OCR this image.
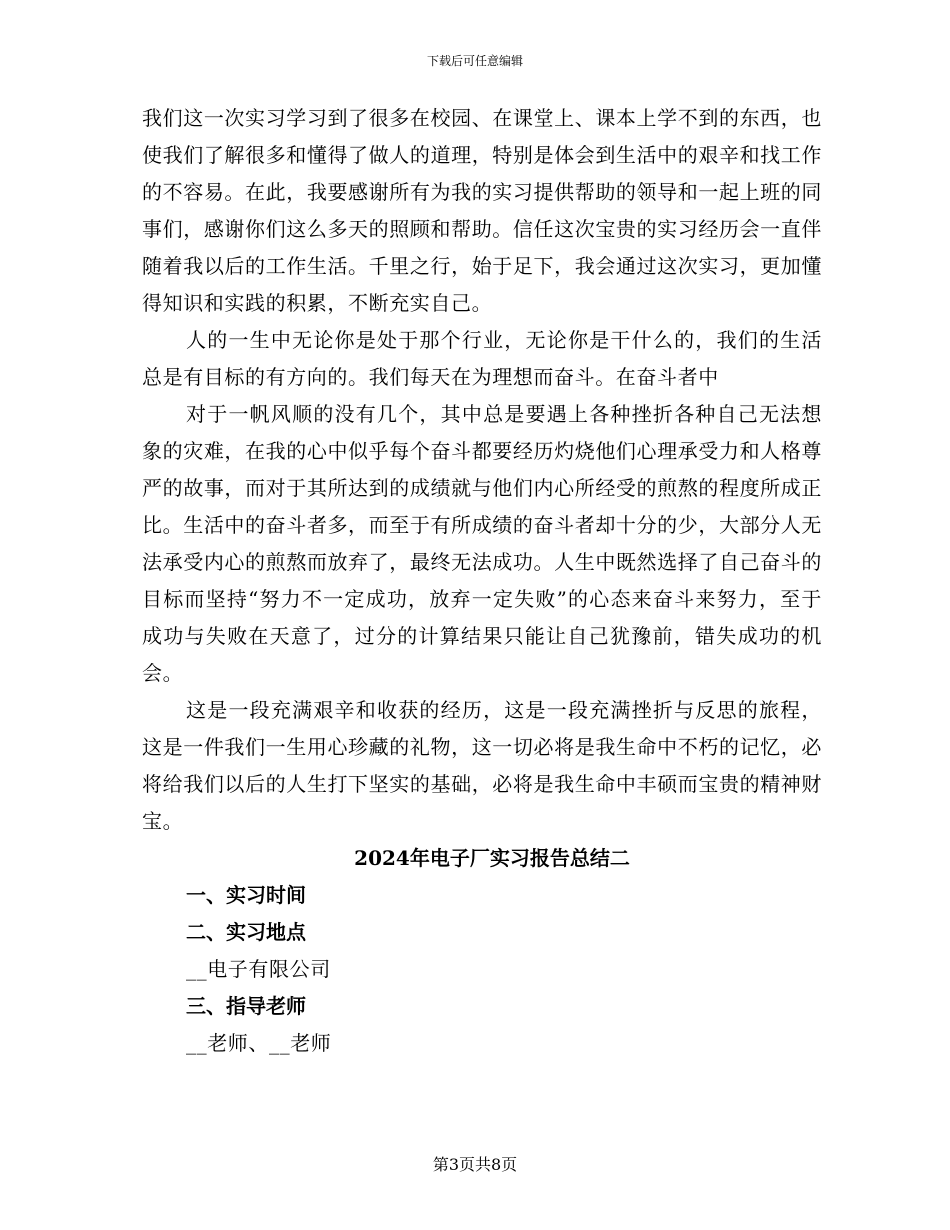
下载后可任意编辑

我们这一次实习学习到了很多在校园、在课堂上、课本上学不到的东西，也使我们了解很多和懂得了做人的道理，特别是体会到生活中的艰辛和找工作的不容易。在此，我要感谢所有为我的实习提供帮助的领导和一起上班的同事们，感谢你们这么多天的照顾和帮助。信任这次宝贵的实习经历会一直伴随着我以后的工作生活。千里之行，始于足下，我会通过这次实习，更加懂得知识和实践的积累，不断充实自己。

人的一生中无论你是处于那个行业，无论你是干什么的，我们的生活总是有目标的有方向的。我们每天在为理想而奋斗。在奋斗者中

对于一帆风顺的没有几个，其中总是要遇上各种挫折各种自己无法想象的灾难，在我的心中似乎每个奋斗都要经历灼烧他们心理承受力和人格尊严的故事，而对于其所达到的成绩就与他们内心所经受的煎熬的程度所成正比。生活中的奋斗者多，而至于有所成绩的奋斗者却十分的少，大部分人无法承受内心的煎熬而放弃了，最终无法成功。人生中既然选择了自己奋斗的目标而坚持“努力不一定成功，放弃一定失败”的心态来奋斗来努力，至于成功与失败在天意了，过分的计算结果只能让自己犹豫前，错失成功的机会。

这是一段充满艰辛和收获的经历，这是一段充满挫折与反思的旅程，这是一件我们一生用心珍藏的礼物，这一切必将是我生命中不朽的记忆，必将给我们以后的人生打下坚实的基础，必将是我生命中丰硕而宝贵的精神财宝。

2024年电子厂实习报告总结二

一、实习时间

二、实习地点

__电子有限公司

三、指导老师

__老师、__老师

第3页共8页
